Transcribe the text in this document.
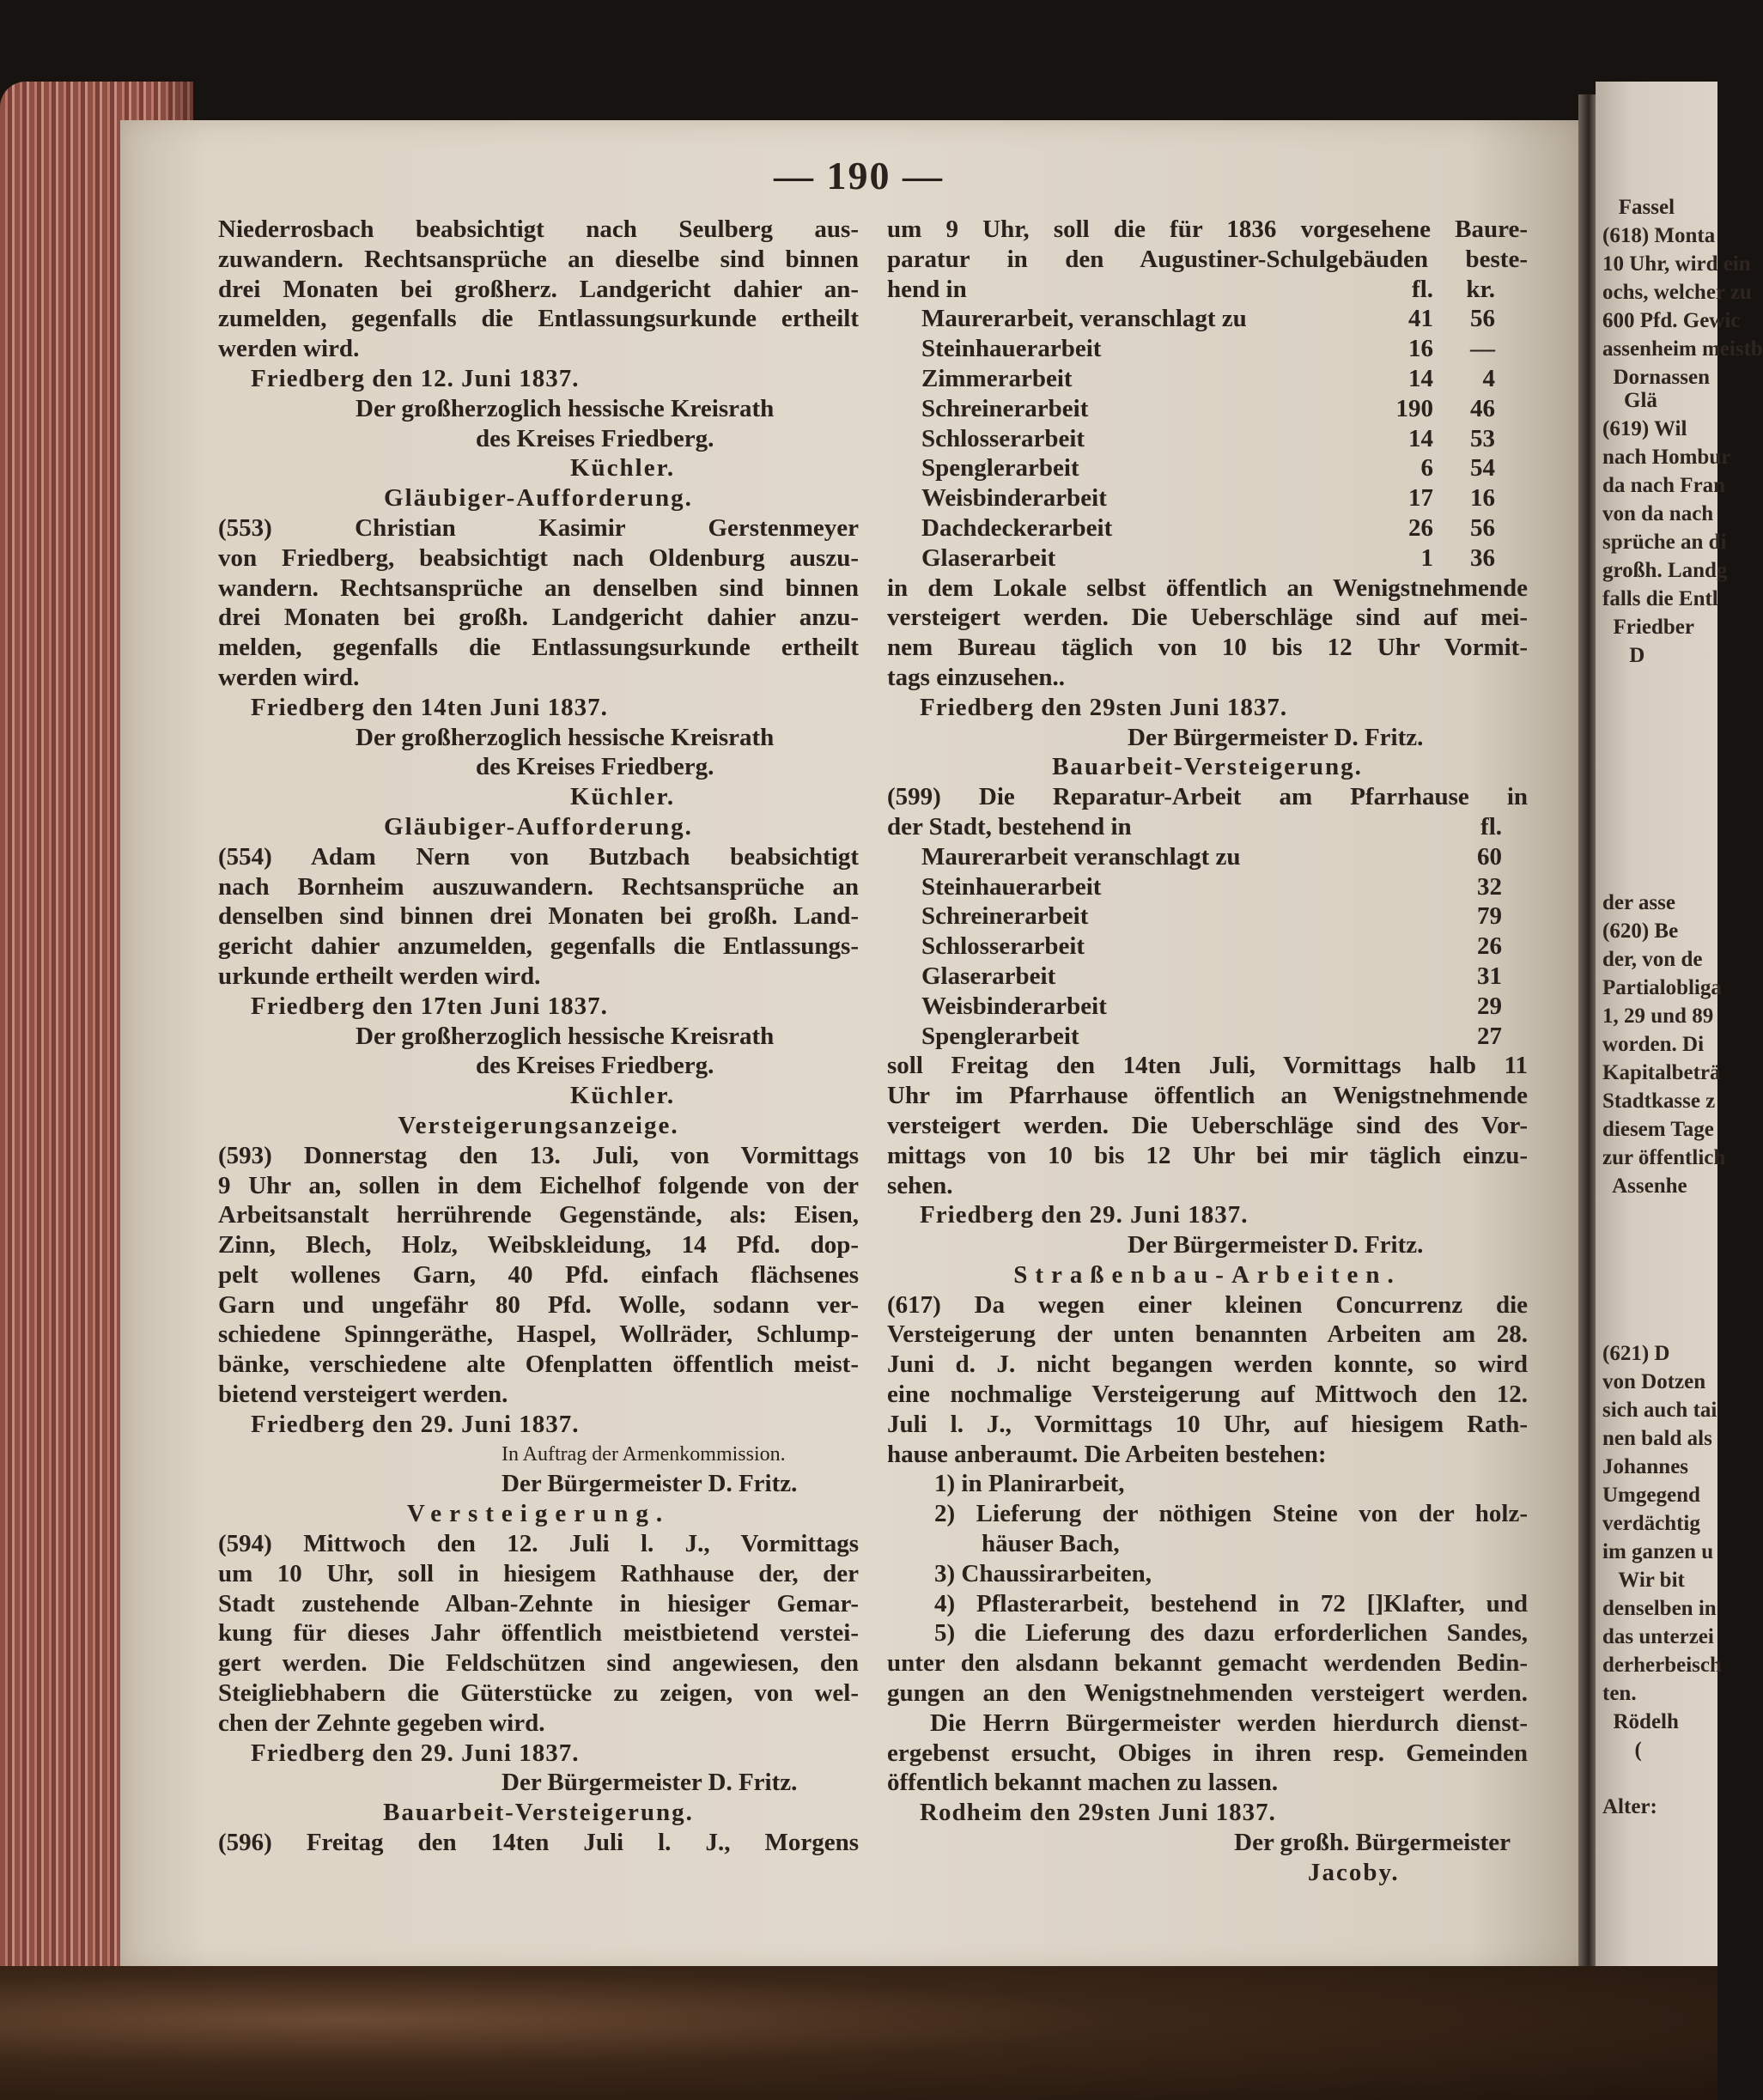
Fassel
(618) Monta
10 Uhr, wird ein
ochs, welcher zu
600 Pfd. Gewic
assenheim meistb
Dornassen
Glä
(619) Wil
nach Hombur
da nach Fran
von da nach
sprüche an di
großh. Landg
falls die Entl
Friedber
D
der asse
(620) Be
der, von de
Partialobliga
1, 29 und 89
worden. Di
Kapitalbeträ
Stadtkasse z
diesem Tage
zur öffentlich
Assenhe
(621) D
von Dotzen
sich auch tai
nen bald als
Johannes
Umgegend
verdächtig
im ganzen u
Wir bit
denselben in
das unterzei
derherbeisch
ten.
Rödelh
(
Alter:
— 190 —
Niederrosbach beabsichtigt nach Seulberg aus-
zuwandern. Rechtsansprüche an dieselbe sind binnen
drei Monaten bei großherz. Landgericht dahier an-
zumelden, gegenfalls die Entlassungsurkunde ertheilt
werden wird.
Friedberg den 12. Juni 1837.
Der großherzoglich hessische Kreisrath
des Kreises Friedberg.
Küchler.
Gläubiger-Aufforderung.
(553) Christian Kasimir Gerstenmeyer
von Friedberg, beabsichtigt nach Oldenburg auszu-
wandern. Rechtsansprüche an denselben sind binnen
drei Monaten bei großh. Landgericht dahier anzu-
melden, gegenfalls die Entlassungsurkunde ertheilt
werden wird.
Friedberg den 14ten Juni 1837.
Der großherzoglich hessische Kreisrath
des Kreises Friedberg.
Küchler.
Gläubiger-Aufforderung.
(554) Adam Nern von Butzbach beabsichtigt
nach Bornheim auszuwandern. Rechtsansprüche an
denselben sind binnen drei Monaten bei großh. Land-
gericht dahier anzumelden, gegenfalls die Entlassungs-
urkunde ertheilt werden wird.
Friedberg den 17ten Juni 1837.
Der großherzoglich hessische Kreisrath
des Kreises Friedberg.
Küchler.
Versteigerungsanzeige.
(593) Donnerstag den 13. Juli, von Vormittags
9 Uhr an, sollen in dem Eichelhof folgende von der
Arbeitsanstalt herrührende Gegenstände, als: Eisen,
Zinn, Blech, Holz, Weibskleidung, 14 Pfd. dop-
pelt wollenes Garn, 40 Pfd. einfach flächsenes
Garn und ungefähr 80 Pfd. Wolle, sodann ver-
schiedene Spinngeräthe, Haspel, Wollräder, Schlump-
bänke, verschiedene alte Ofenplatten öffentlich meist-
bietend versteigert werden.
Friedberg den 29. Juni 1837.
In Auftrag der Armenkommission.
Der Bürgermeister D. Fritz.
Versteigerung.
(594) Mittwoch den 12. Juli l. J., Vormittags
um 10 Uhr, soll in hiesigem Rathhause der, der
Stadt zustehende Alban-Zehnte in hiesiger Gemar-
kung für dieses Jahr öffentlich meistbietend verstei-
gert werden. Die Feldschützen sind angewiesen, den
Steigliebhabern die Güterstücke zu zeigen, von wel-
chen der Zehnte gegeben wird.
Friedberg den 29. Juni 1837.
Der Bürgermeister D. Fritz.
Bauarbeit-Versteigerung.
(596) Freitag den 14ten Juli l. J., Morgens
um 9 Uhr, soll die für 1836 vorgesehene Baure-
paratur in den Augustiner-Schulgebäuden beste-
hend in	fl.	kr.
Maurerarbeit, veranschlagt zu	41	56
Steinhauerarbeit	16	—
Zimmerarbeit	14	4
Schreinerarbeit	190	46
Schlosserarbeit	14	53
Spenglerarbeit	6	54
Weisbinderarbeit	17	16
Dachdeckerarbeit	26	56
Glaserarbeit	1	36
in dem Lokale selbst öffentlich an Wenigstnehmende
versteigert werden. Die Ueberschläge sind auf mei-
nem Bureau täglich von 10 bis 12 Uhr Vormit-
tags einzusehen..
Friedberg den 29sten Juni 1837.
Der Bürgermeister D. Fritz.
Bauarbeit-Versteigerung.
(599) Die Reparatur-Arbeit am Pfarrhause in
der Stadt, bestehend in	fl.
Maurerarbeit veranschlagt zu	60
Steinhauerarbeit	32
Schreinerarbeit	79
Schlosserarbeit	26
Glaserarbeit	31
Weisbinderarbeit	29
Spenglerarbeit	27
soll Freitag den 14ten Juli, Vormittags halb 11
Uhr im Pfarrhause öffentlich an Wenigstnehmende
versteigert werden. Die Ueberschläge sind des Vor-
mittags von 10 bis 12 Uhr bei mir täglich einzu-
sehen.
Friedberg den 29. Juni 1837.
Der Bürgermeister D. Fritz.
Straßenbau-Arbeiten.
(617) Da wegen einer kleinen Concurrenz die
Versteigerung der unten benannten Arbeiten am 28.
Juni d. J. nicht begangen werden konnte, so wird
eine nochmalige Versteigerung auf Mittwoch den 12.
Juli l. J., Vormittags 10 Uhr, auf hiesigem Rath-
hause anberaumt. Die Arbeiten bestehen:
1) in Planirarbeit,
2) Lieferung der nöthigen Steine von der holz-
häuser Bach,
3) Chaussirarbeiten,
4) Pflasterarbeit, bestehend in 72 []Klafter, und
5) die Lieferung des dazu erforderlichen Sandes,
unter den alsdann bekannt gemacht werdenden Bedin-
gungen an den Wenigstnehmenden versteigert werden.
Die Herrn Bürgermeister werden hierdurch dienst-
ergebenst ersucht, Obiges in ihren resp. Gemeinden
öffentlich bekannt machen zu lassen.
Rodheim den 29sten Juni 1837.
Der großh. Bürgermeister
Jacoby.
